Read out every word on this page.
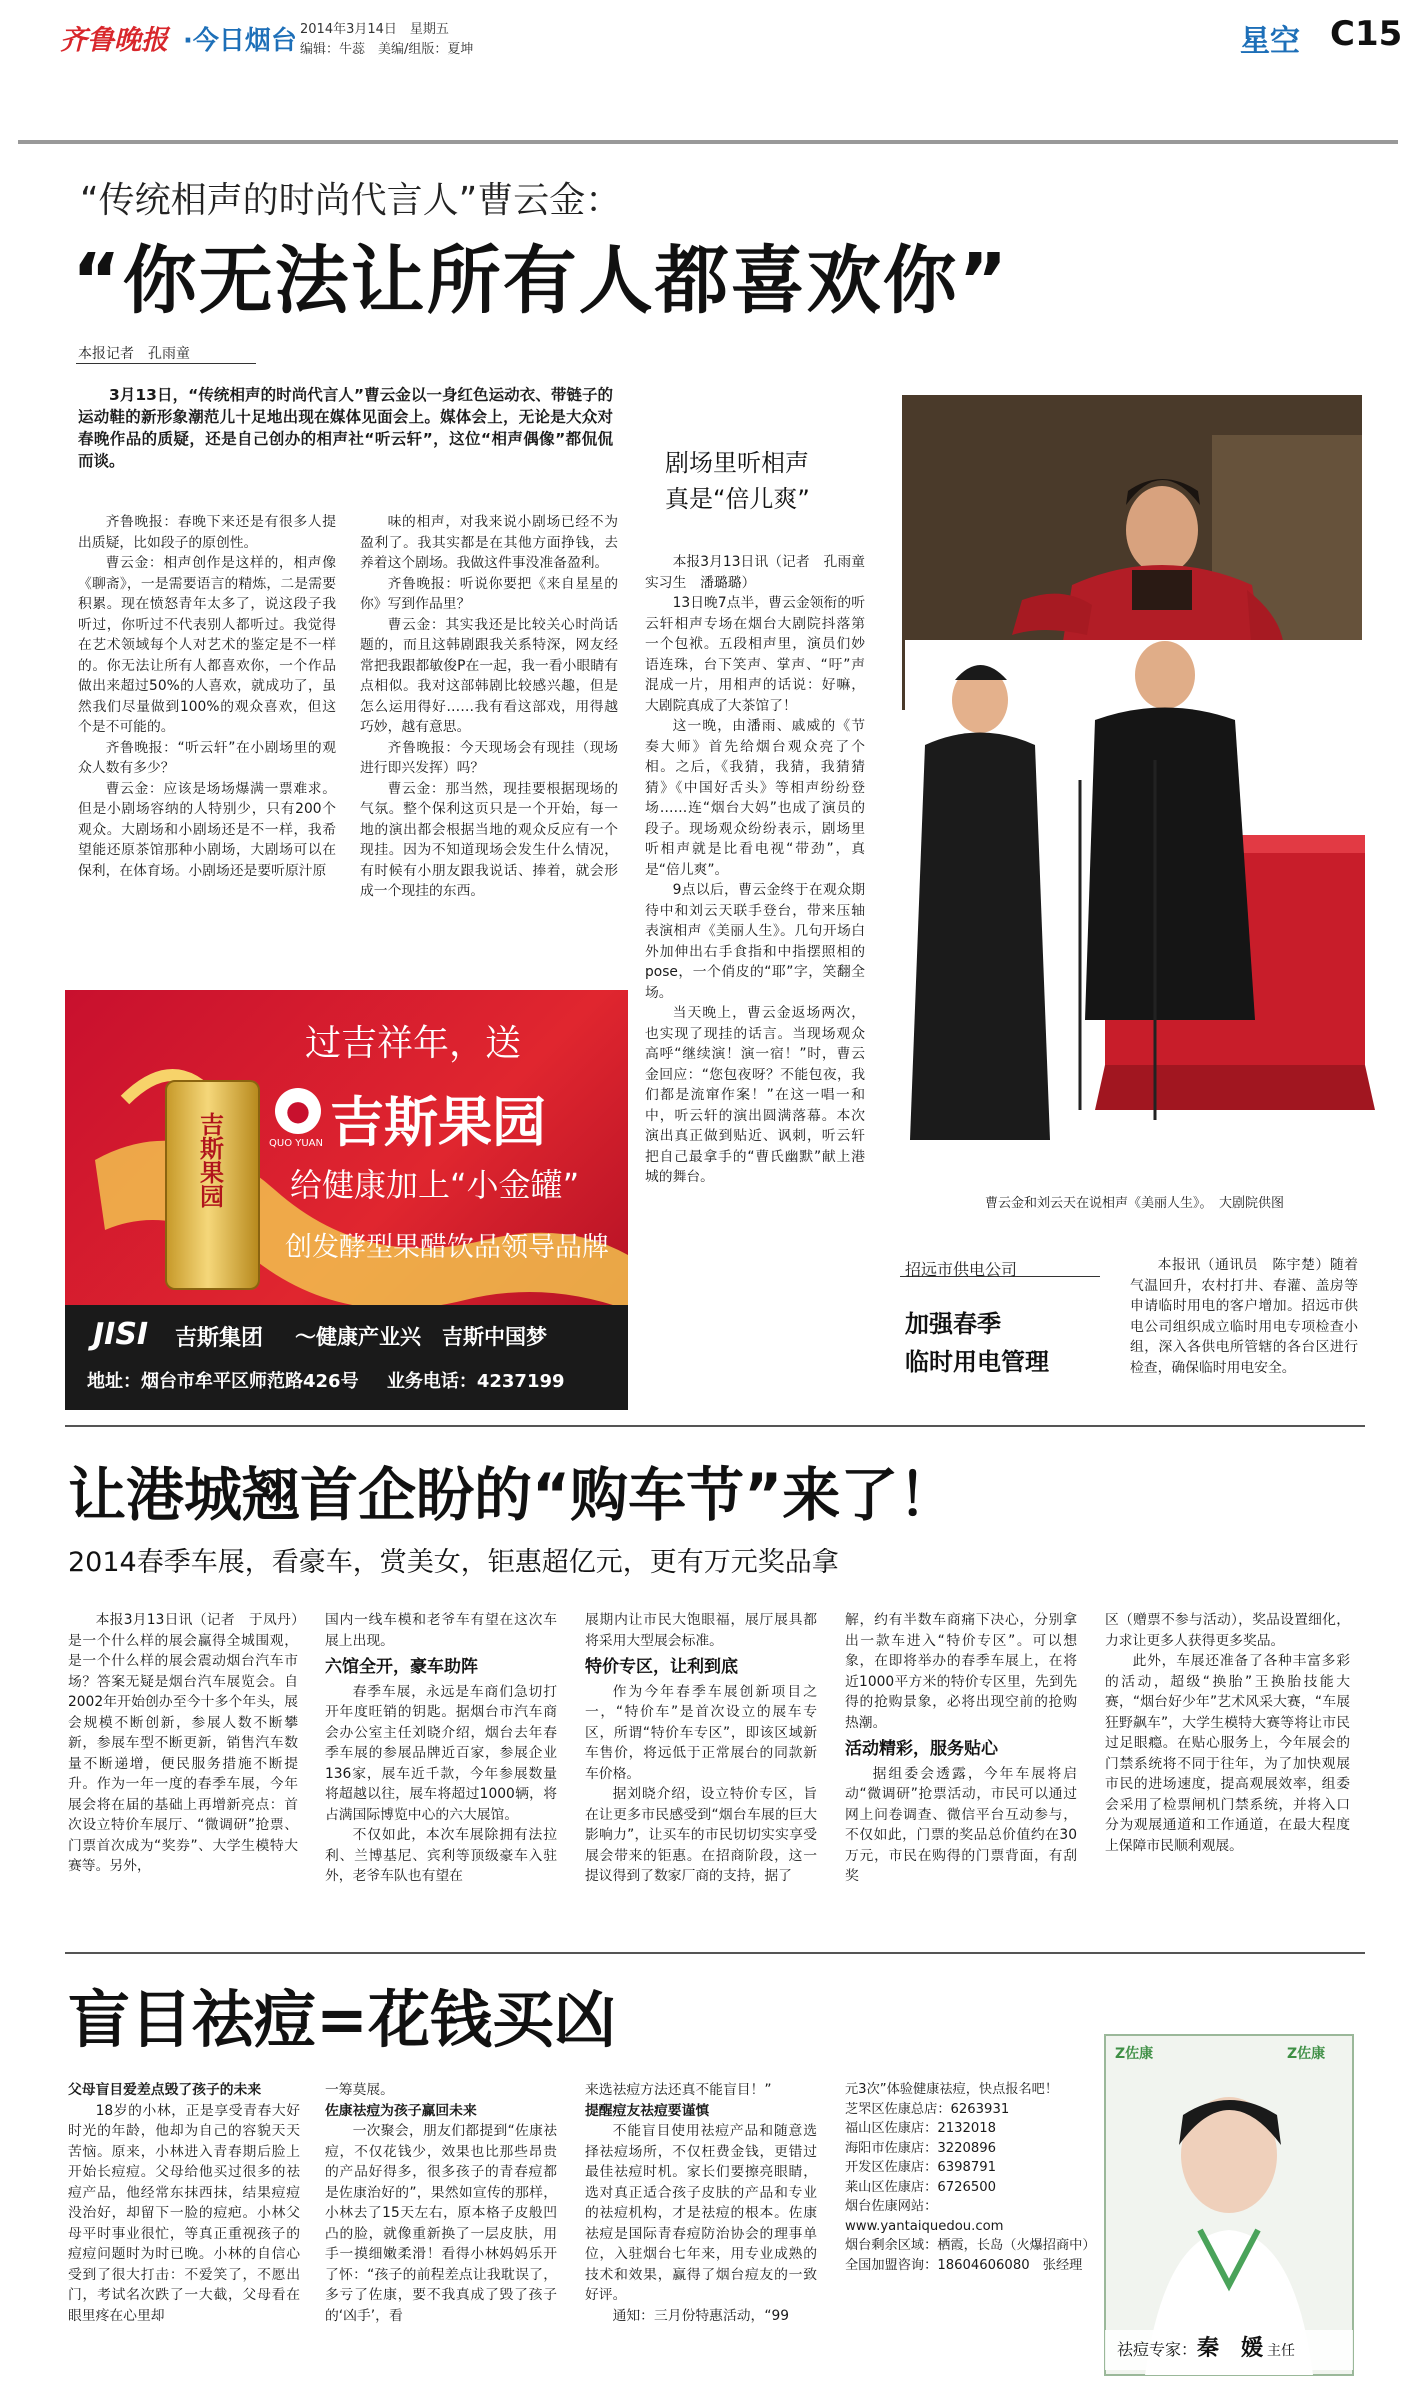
齐鲁晚报 ·今日烟台 2014年3月14日　星期五
编辑：牛蕊　美编/组版：夏坤	星空 C15
“传统相声的时尚代言人”曹云金：
“你无法让所有人都喜欢你”
本报记者　孔雨童

3月13日，“传统相声的时尚代言人”曹云金以一身红色运动衣、带链子的运动鞋的新形象潮范儿十足地出现在媒体见面会上。媒体会上，无论是大众对春晚作品的质疑，还是自己创办的相声社“听云轩”，这位“相声偶像”都侃侃而谈。

齐鲁晚报：春晚下来还是有很多人提出质疑，比如段子的原创性。

曹云金：相声创作是这样的，相声像《聊斋》，一是需要语言的精炼，二是需要积累。现在愤怒青年太多了，说这段子我听过，你听过不代表别人都听过。我觉得在艺术领域每个人对艺术的鉴定是不一样的。你无法让所有人都喜欢你，一个作品做出来超过50%的人喜欢，就成功了，虽然我们尽量做到100%的观众喜欢，但这个是不可能的。

齐鲁晚报：“听云轩”在小剧场里的观众人数有多少？

曹云金：应该是场场爆满一票难求。但是小剧场容纳的人特别少，只有200个观众。大剧场和小剧场还是不一样，我希望能还原茶馆那种小剧场，大剧场可以在保利，在体育场。小剧场还是要听原汁原

味的相声，对我来说小剧场已经不为盈利了。我其实都是在其他方面挣钱，去养着这个剧场。我做这件事没准备盈利。

齐鲁晚报：听说你要把《来自星星的你》写到作品里？

曹云金：其实我还是比较关心时尚话题的，而且这韩剧跟我关系特深，网友经常把我跟都敏俊P在一起，我一看小眼睛有点相似。我对这部韩剧比较感兴趣，但是怎么运用得好……我有看这部戏，用得越巧妙，越有意思。

齐鲁晚报：今天现场会有现挂（现场进行即兴发挥）吗？

曹云金：那当然，现挂要根据现场的气氛。整个保利这页只是一个开始，每一地的演出都会根据当地的观众反应有一个现挂。因为不知道现场会发生什么情况，有时候有小朋友跟我说话、捧着，就会形成一个现挂的东西。

剧场里听相声
真是“倍儿爽”

本报3月13日讯（记者　孔雨童　实习生　潘璐璐）

13日晚7点半，曹云金领衔的听云轩相声专场在烟台大剧院抖落第一个包袱。五段相声里，演员们妙语连珠，台下笑声、掌声、“吁”声混成一片，用相声的话说：好嘛，大剧院真成了大茶馆了！

这一晚，由潘雨、戚威的《节奏大师》首先给烟台观众亮了个相。之后，《我猜，我猜，我猜猜猜》《中国好舌头》等相声纷纷登场……连“烟台大妈”也成了演员的段子。现场观众纷纷表示，剧场里听相声就是比看电视“带劲”，真是“倍儿爽”。

9点以后，曹云金终于在观众期待中和刘云天联手登台，带来压轴表演相声《美丽人生》。几句开场白外加伸出右手食指和中指摆照相的pose，一个俏皮的“耶”字，笑翻全场。

当天晚上，曹云金返场两次，也实现了现挂的话言。当现场观众高呼“继续演！演一宿！”时，曹云金回应：“您包夜呀？不能包夜，我们都是流窜作案！”在这一唱一和中，听云轩的演出圆满落幕。本次演出真正做到贴近、讽刺，听云轩把自己最拿手的“曹氏幽默”献上港城的舞台。

曹云金和刘云天在说相声《美丽人生》。　大剧院供图
招远市供电公司
加强春季
临时用电管理

本报讯（通讯员　陈宇楚）随着气温回升，农村打井、春灌、盖房等申请临时用电的客户增加。招远市供电公司组织成立临时用电专项检查小组，深入各供电所管辖的各台区进行检查，确保临时用电安全。

过吉祥年，送
●
QUO YUAN 吉斯果园
给健康加上“小金罐”
创发酵型果醋饮品领导品牌
吉斯果园
JISI 吉斯集团 ～健康产业兴　吉斯中国梦
地址：烟台市牟平区师范路426号 业务电话：4237199
让港城翘首企盼的“购车节”来了！
2014春季车展，看豪车，赏美女，钜惠超亿元，更有万元奖品拿

本报3月13日讯（记者　于凤丹）　是一个什么样的展会赢得全城围观，是一个什么样的展会震动烟台汽车市场？答案无疑是烟台汽车展览会。自2002年开始创办至今十多个年头，展会规模不断创新，参展人数不断攀新，参展车型不断更新，销售汽车数量不断递增，便民服务措施不断提升。作为一年一度的春季车展，今年展会将在届的基础上再增新亮点：首次设立特价车展厅、“微调研”抢票、门票首次成为“奖券”、大学生模特大赛等。另外，

国内一线车模和老爷车有望在这次车展上出现。

六馆全开，豪车助阵

春季车展，永远是车商们急切打开年度旺销的钥匙。据烟台市汽车商会办公室主任刘晓介绍，烟台去年春季车展的参展品牌近百家，参展企业136家，展车近千款，今年参展数量将超越以往，展车将超过1000辆，将占满国际博览中心的六大展馆。

不仅如此，本次车展除拥有法拉利、兰博基尼、宾利等顶级豪车入驻外，老爷车队也有望在

展期内让市民大饱眼福，展厅展具都将采用大型展会标准。

特价专区，让利到底

作为今年春季车展创新项目之一，“特价车”是首次设立的展车专区，所谓“特价车专区”，即该区域新车售价，将远低于正常展台的同款新车价格。

据刘晓介绍，设立特价专区，旨在让更多市民感受到“烟台车展的巨大影响力”，让买车的市民切切实实享受展会带来的钜惠。在招商阶段，这一提议得到了数家厂商的支持，据了

解，约有半数车商痛下决心，分别拿出一款车进入“特价专区”。可以想象，在即将举办的春季车展上，在将近1000平方米的特价专区里，先到先得的抢购景象，必将出现空前的抢购热潮。

活动精彩，服务贴心

据组委会透露，今年车展将启动“微调研”抢票活动，市民可以通过网上问卷调查、微信平台互动参与，不仅如此，门票的奖品总价值约在30万元，市民在购得的门票背面，有刮奖

区（赠票不参与活动），奖品设置细化，力求让更多人获得更多奖品。

此外，车展还准备了各种丰富多彩的活动，超级“换胎”王换胎技能大赛，“烟台好少年”艺术风采大赛，“车展狂野飙车”，大学生模特大赛等将让市民过足眼瘾。在贴心服务上，今年展会的门禁系统将不同于往年，为了加快观展市民的进场速度，提高观展效率，组委会采用了检票闸机门禁系统，并将入口分为观展通道和工作通道，在最大程度上保障市民顺利观展。

盲目祛痘=花钱买凶
父母盲目爱差点毁了孩子的未来

18岁的小林，正是享受青春大好时光的年龄，他却为自己的容貌天天苦恼。原来，小林进入青春期后脸上开始长痘痘。父母给他买过很多的祛痘产品，他经常东抹西抹，结果痘痘没治好，却留下一脸的痘疤。小林父母平时事业很忙，等真正重视孩子的痘痘问题时为时已晚。小林的自信心受到了很大打击：不爱笑了，不愿出门，考试名次跌了一大截，父母看在眼里疼在心里却

一筹莫展。

佐康祛痘为孩子赢回未来

一次聚会，朋友们都提到“佐康祛痘，不仅花钱少，效果也比那些昂贵的产品好得多，很多孩子的青春痘都是佐康治好的”，果然如宣传的那样，小林去了15天左右，原本格子皮般凹凸的脸，就像重新换了一层皮肤，用手一摸细嫩柔滑！看得小林妈妈乐开了怀：“孩子的前程差点让我耽误了，多亏了佐康，要不我真成了毁了孩子的‘凶手’，看

来选祛痘方法还真不能盲目！”

提醒痘友祛痘要谨慎

不能盲目使用祛痘产品和随意选择祛痘场所，不仅枉费金钱，更错过最佳祛痘时机。家长们要擦亮眼睛，选对真正适合孩子皮肤的产品和专业的祛痘机构，才是祛痘的根本。佐康祛痘是国际青春痘防治协会的理事单位，入驻烟台七年来，用专业成熟的技术和效果，赢得了烟台痘友的一致好评。

通知：三月份特惠活动，“99

元3次”体验健康祛痘，快点报名吧！
芝罘区佐康总店：6263931
福山区佐康店：2132018
海阳市佐康店：3220896
开发区佐康店：6398791
莱山区佐康店：6726500
烟台佐康网站：
www.yantaiquedou.com
烟台剩余区域：栖霞，长岛（火爆招商中）
全国加盟咨询：18604606080　张经理
Z佐康	Z佐康
祛痘专家：秦　媛 主任
